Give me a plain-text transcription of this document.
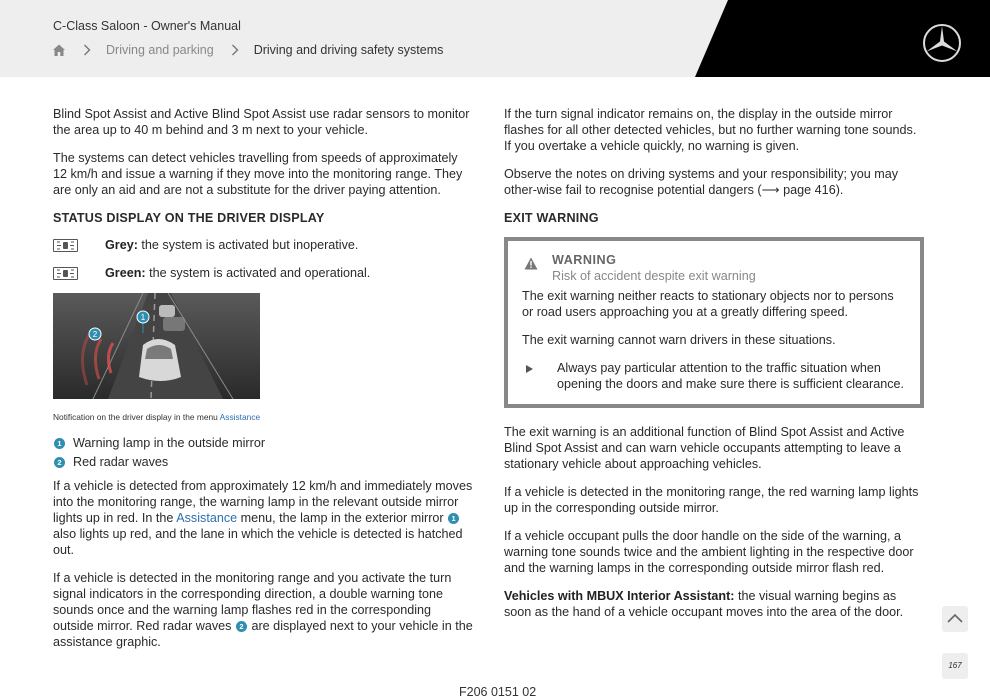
C-Class Saloon - Owner's Manual
Driving and parking	Driving and driving safety systems

Blind Spot Assist and Active Blind Spot Assist use radar sensors to monitor the area up to 40 m behind and 3 m next to your vehicle.

The systems can detect vehicles travelling from speeds of approximately 12 km/h and issue a warning if they move into the monitoring range. They are only an aid and are not a substitute for the driver paying attention.

STATUS DISPLAY ON THE DRIVER DISPLAY
Grey: the system is activated but inoperative.
Green: the system is activated and operational.
1
2
Notification on the driver display in the menu Assistance
1 Warning lamp in the outside mirror
2 Red radar waves

If a vehicle is detected from approximately 12 km/h and immediately moves into the monitoring range, the warning lamp in the relevant outside mirror lights up in red. In the Assistance menu, the lamp in the exterior mirror 1 also lights up red, and the lane in which the vehicle is detected is hatched out.

If a vehicle is detected in the monitoring range and you activate the turn signal indicators in the corresponding direction, a double warning tone sounds once and the warning lamp flashes red in the corresponding outside mirror. Red radar waves 2 are displayed next to your vehicle in the assistance graphic.

If the turn signal indicator remains on, the display in the outside mirror flashes for all other detected vehicles, but no further warning tone sounds. If you overtake a vehicle quickly, no warning is given.

Observe the notes on driving systems and your responsibility; you may other-wise fail to recognise potential dangers (⟶ page 416).

EXIT WARNING
WARNING
Risk of accident despite exit warning

The exit warning neither reacts to stationary objects nor to persons or road users approaching you at a greatly differing speed.

The exit warning cannot warn drivers in these situations.

Always pay particular attention to the traffic situation when opening the doors and make sure there is sufficient clearance.

The exit warning is an additional function of Blind Spot Assist and Active Blind Spot Assist and can warn vehicle occupants attempting to leave a stationary vehicle about approaching vehicles.

If a vehicle is detected in the monitoring range, the red warning lamp lights up in the corresponding outside mirror.

If a vehicle occupant pulls the door handle on the side of the warning, a warning tone sounds twice and the ambient lighting in the respective door and the warning lamps in the corresponding outside mirror flash red.

Vehicles with MBUX Interior Assistant: the visual warning begins as soon as the hand of a vehicle occupant moves into the area of the door.

F206 0151 02
167
